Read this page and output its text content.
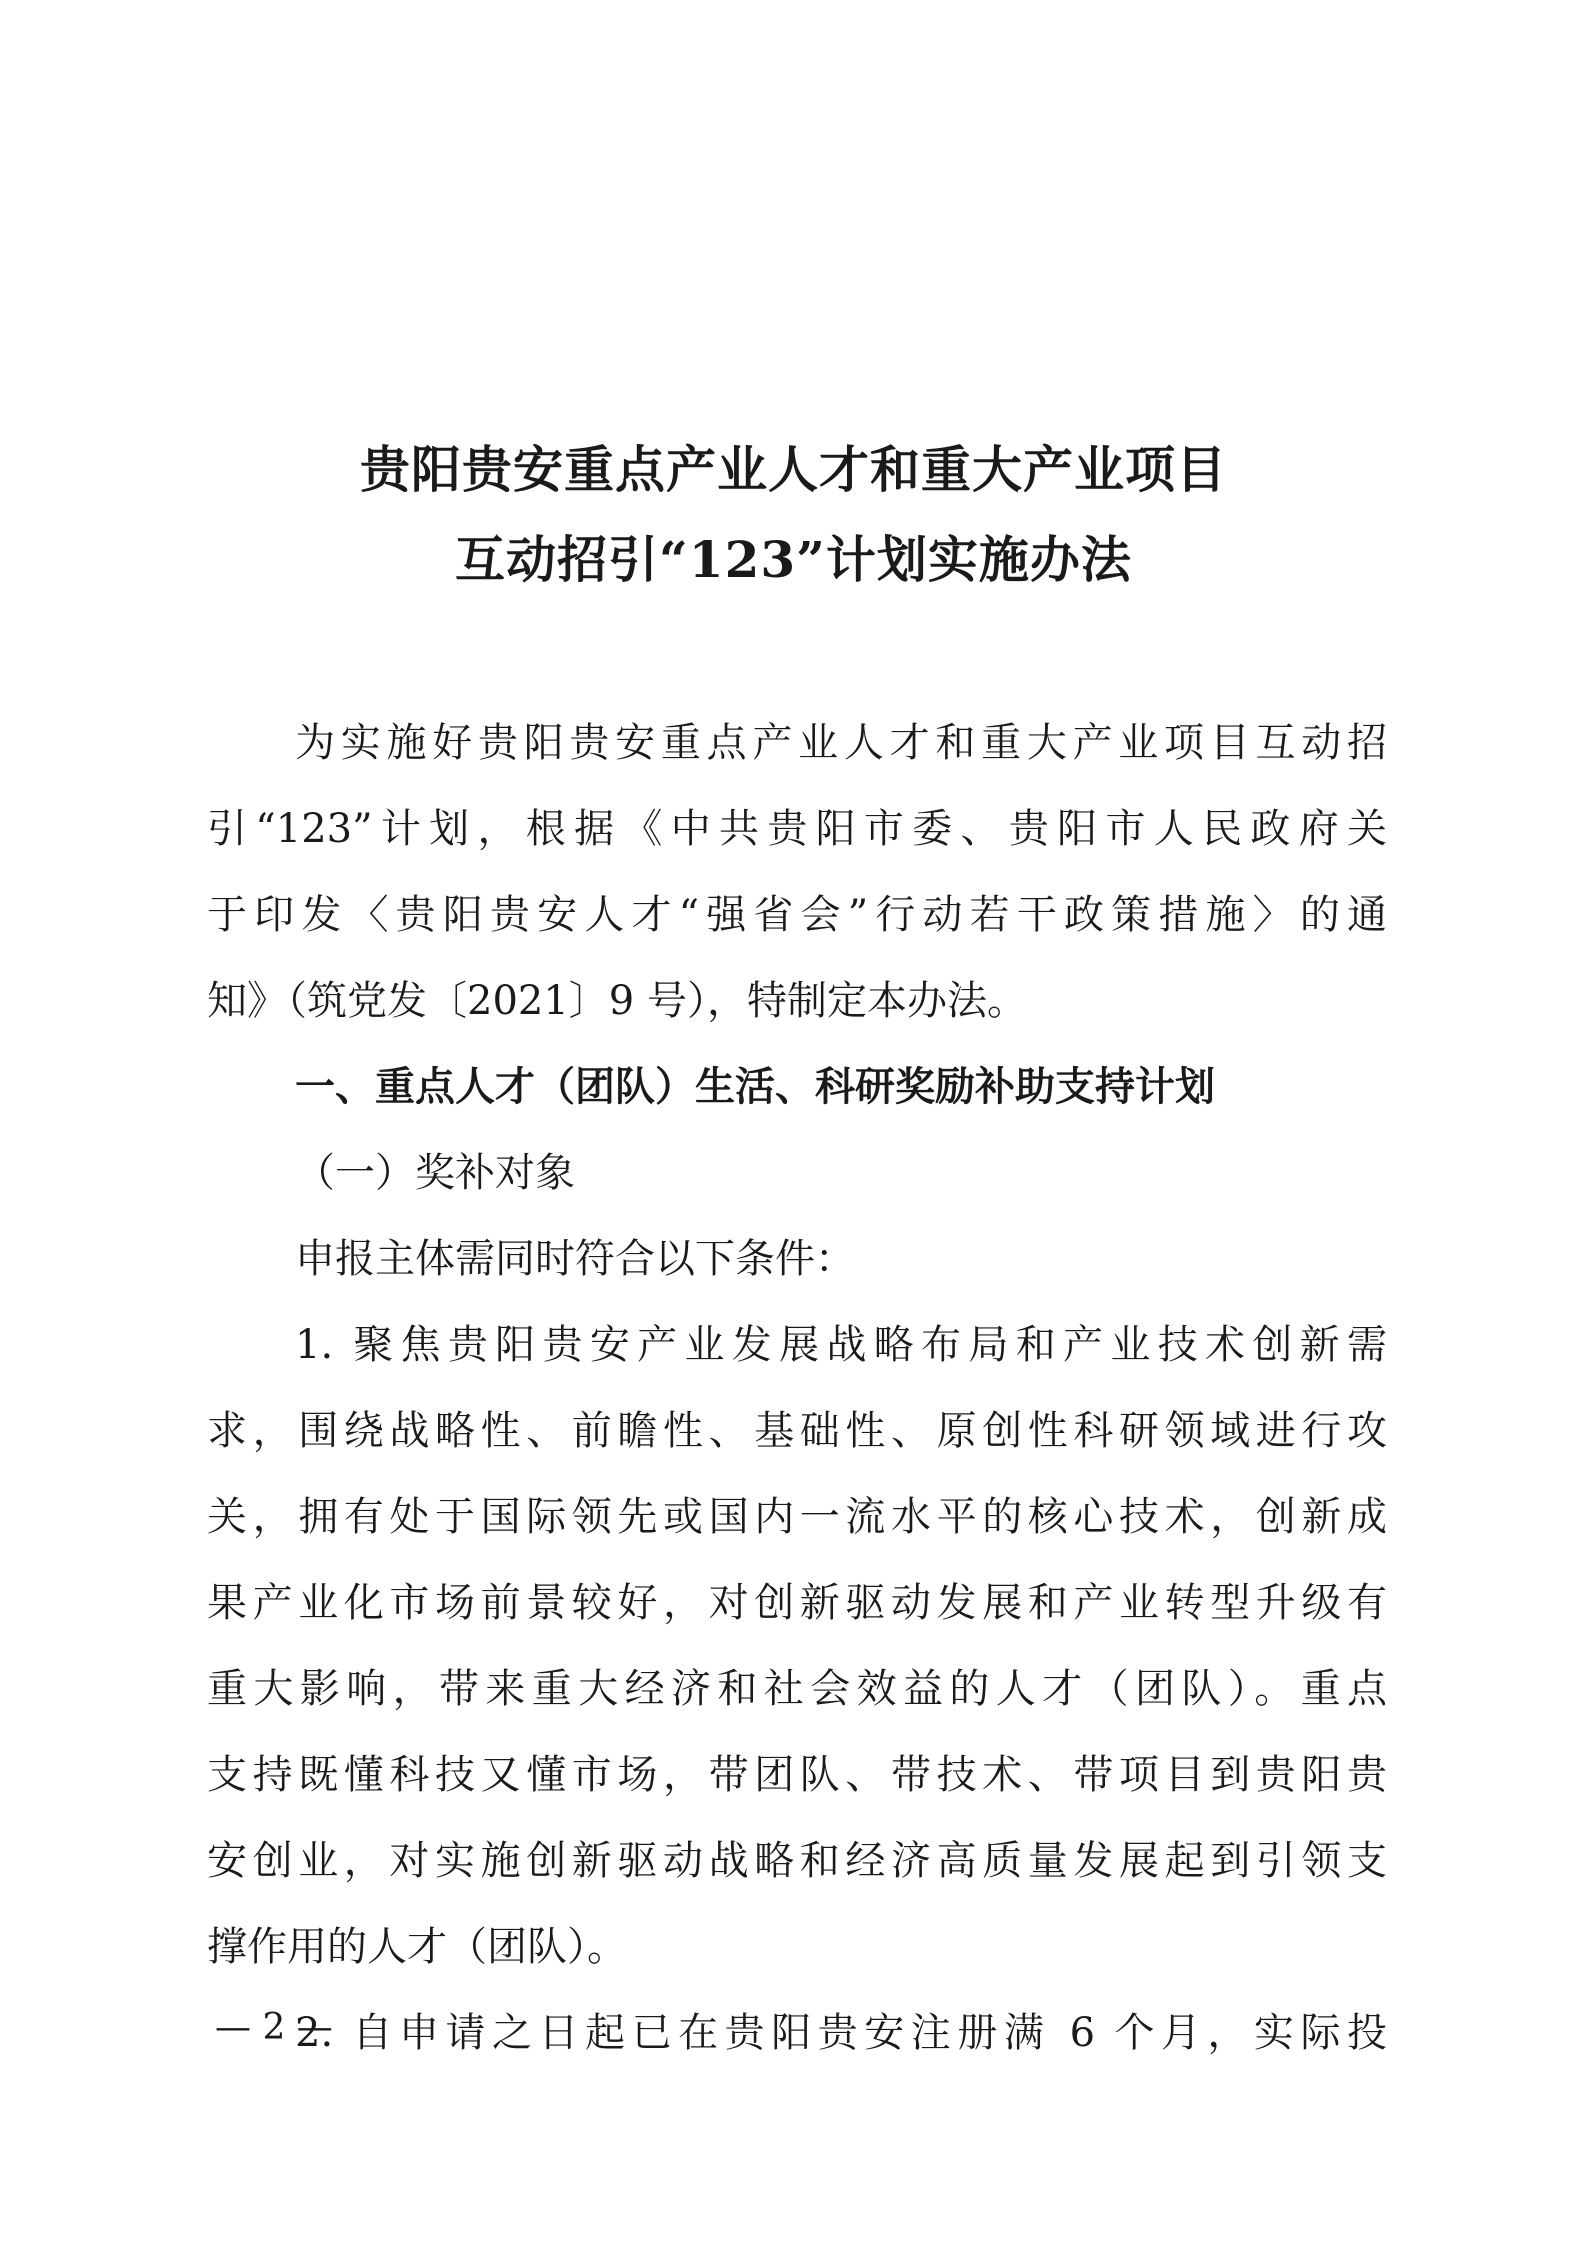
贵阳贵安重点产业人才和重大产业项目
互动招引“123”计划实施办法
为实施好贵阳贵安重点产业人才和重大产业项目互动招
引“123”计划，根据《中共贵阳市委、贵阳市人民政府关
于印发〈贵阳贵安人才“强省会”行动若干政策措施〉的通
知》（筑党发〔2021〕9 号），特制定本办法。
一、重点人才（团队）生活、科研奖励补助支持计划
（一）奖补对象
申报主体需同时符合以下条件：
1. 聚焦贵阳贵安产业发展战略布局和产业技术创新需
求，围绕战略性、前瞻性、基础性、原创性科研领域进行攻
关，拥有处于国际领先或国内一流水平的核心技术，创新成
果产业化市场前景较好，对创新驱动发展和产业转型升级有
重大影响，带来重大经济和社会效益的人才（团队）。重点
支持既懂科技又懂市场，带团队、带技术、带项目到贵阳贵
安创业，对实施创新驱动战略和经济高质量发展起到引领支
撑作用的人才（团队）。
2. 自申请之日起已在贵阳贵安注册满 6 个月，实际投
— 2 —
